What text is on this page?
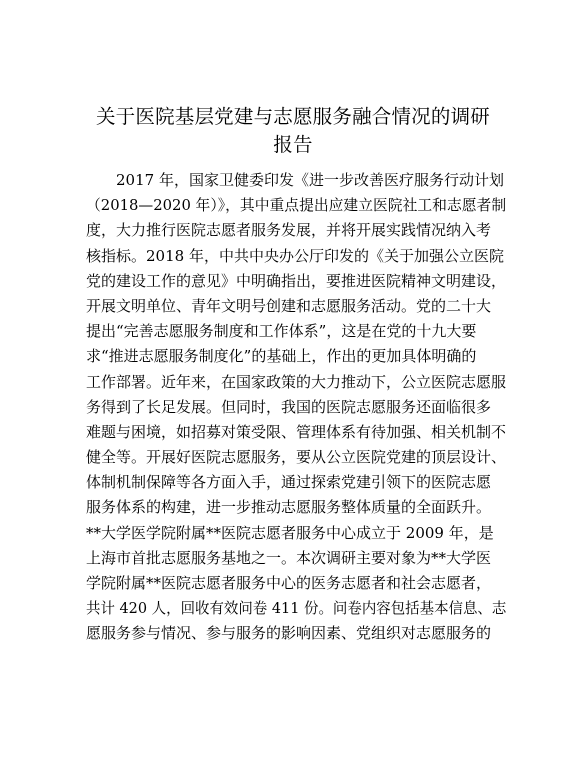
关于医院基层党建与志愿服务融合情况的调研
报告
2017 年，国家卫健委印发《进一步改善医疗服务行动计划
（2018—2020 年）》，其中重点提出应建立医院社工和志愿者制
度，大力推行医院志愿者服务发展，并将开展实践情况纳入考
核指标。2018 年，中共中央办公厅印发的《关于加强公立医院
党的建设工作的意见》中明确指出，要推进医院精神文明建设，
开展文明单位、青年文明号创建和志愿服务活动。党的二十大
提出“完善志愿服务制度和工作体系”，这是在党的十九大要
求“推进志愿服务制度化”的基础上，作出的更加具体明确的
工作部署。近年来，在国家政策的大力推动下，公立医院志愿服
务得到了长足发展。但同时，我国的医院志愿服务还面临很多
难题与困境，如招募对策受限、管理体系有待加强、相关机制不
健全等。开展好医院志愿服务，要从公立医院党建的顶层设计、
体制机制保障等各方面入手，通过探索党建引领下的医院志愿
服务体系的构建，进一步推动志愿服务整体质量的全面跃升。
**大学医学院附属**医院志愿者服务中心成立于 2009 年，是
上海市首批志愿服务基地之一。本次调研主要对象为**大学医
学院附属**医院志愿者服务中心的医务志愿者和社会志愿者，
共计 420 人，回收有效问卷 411 份。问卷内容包括基本信息、志
愿服务参与情况、参与服务的影响因素、党组织对志愿服务的
